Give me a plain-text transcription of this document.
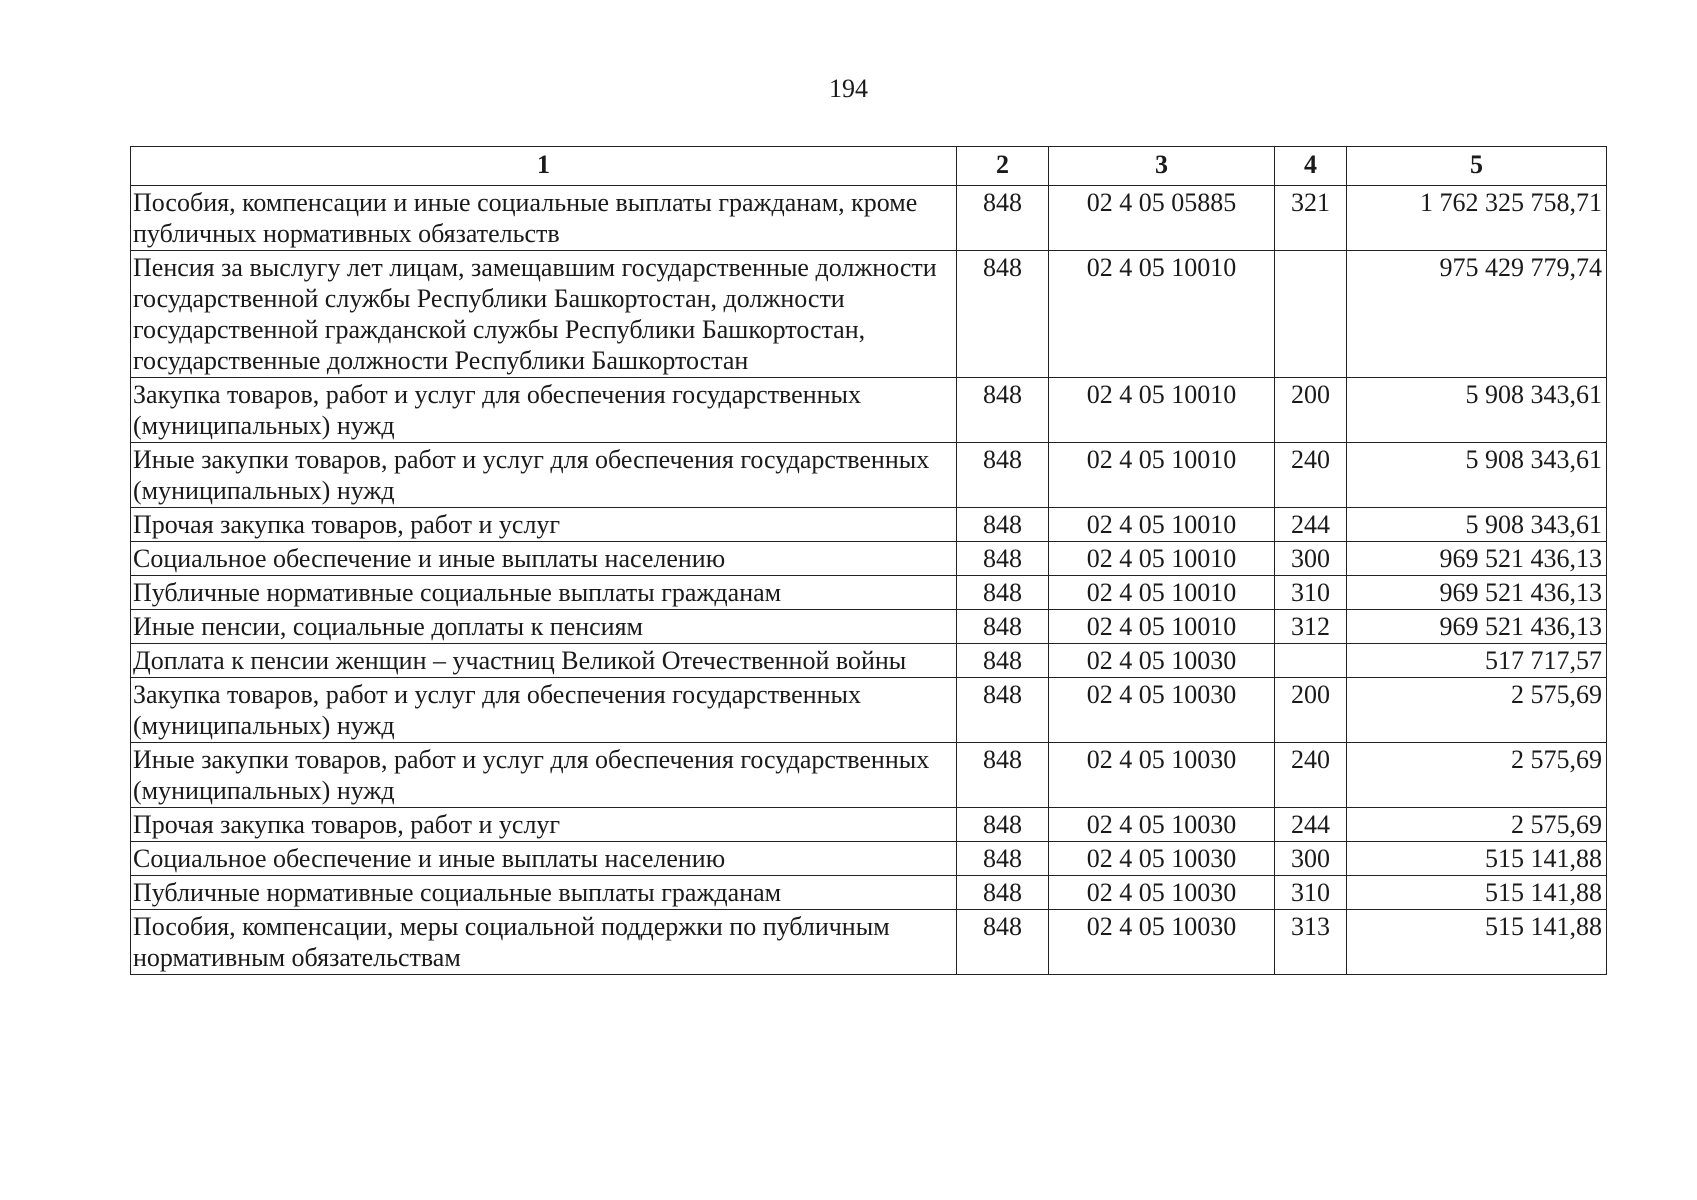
194
1	2	3	4	5
Пособия, компенсации и иные социальные выплаты гражданам, кроме публичных нормативных обязательств	848	02 4 05 05885	321	1 762 325 758,71
Пенсия за выслугу лет лицам, замещавшим государственные должности государственной службы Республики Башкортостан, должности государственной гражданской службы Республики Башкортостан, государственные должности Республики Башкортостан	848	02 4 05 10010		975 429 779,74
Закупка товаров, работ и услуг для обеспечения государственных (муниципальных) нужд	848	02 4 05 10010	200	5 908 343,61
Иные закупки товаров, работ и услуг для обеспечения государственных (муниципальных) нужд	848	02 4 05 10010	240	5 908 343,61
Прочая закупка товаров, работ и услуг	848	02 4 05 10010	244	5 908 343,61
Социальное обеспечение и иные выплаты населению	848	02 4 05 10010	300	969 521 436,13
Публичные нормативные социальные выплаты гражданам	848	02 4 05 10010	310	969 521 436,13
Иные пенсии, социальные доплаты к пенсиям	848	02 4 05 10010	312	969 521 436,13
Доплата к пенсии женщин – участниц Великой Отечественной войны	848	02 4 05 10030		517 717,57
Закупка товаров, работ и услуг для обеспечения государственных (муниципальных) нужд	848	02 4 05 10030	200	2 575,69
Иные закупки товаров, работ и услуг для обеспечения государственных (муниципальных) нужд	848	02 4 05 10030	240	2 575,69
Прочая закупка товаров, работ и услуг	848	02 4 05 10030	244	2 575,69
Социальное обеспечение и иные выплаты населению	848	02 4 05 10030	300	515 141,88
Публичные нормативные социальные выплаты гражданам	848	02 4 05 10030	310	515 141,88
Пособия, компенсации, меры социальной поддержки по публичным нормативным обязательствам	848	02 4 05 10030	313	515 141,88
